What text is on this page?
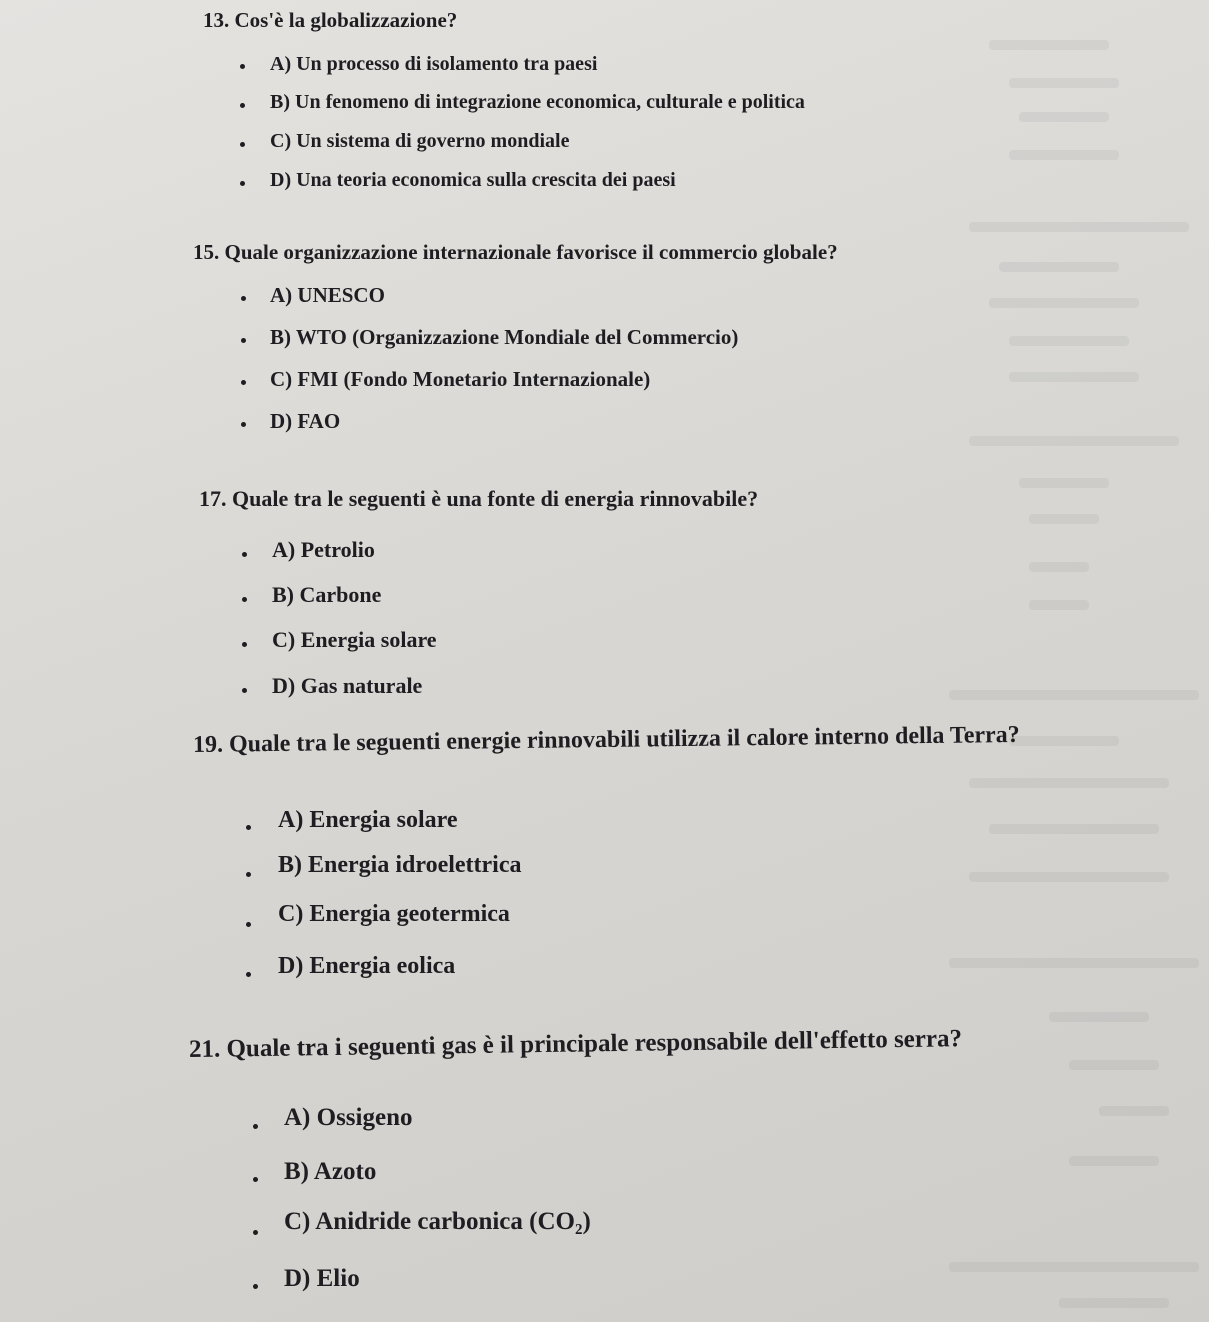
13. Cos'è la globalizzazione?
A) Un processo di isolamento tra paesi
B) Un fenomeno di integrazione economica, culturale e politica
C) Un sistema di governo mondiale
D) Una teoria economica sulla crescita dei paesi
15. Quale organizzazione internazionale favorisce il commercio globale?
A) UNESCO
B) WTO (Organizzazione Mondiale del Commercio)
C) FMI (Fondo Monetario Internazionale)
D) FAO
17. Quale tra le seguenti è una fonte di energia rinnovabile?
A) Petrolio
B) Carbone
C) Energia solare
D) Gas naturale
19. Quale tra le seguenti energie rinnovabili utilizza il calore interno della Terra?
A) Energia solare
B) Energia idroelettrica
C) Energia geotermica
D) Energia eolica
21. Quale tra i seguenti gas è il principale responsabile dell'effetto serra?
A) Ossigeno
B) Azoto
C) Anidride carbonica (CO₂)
D) Elio
